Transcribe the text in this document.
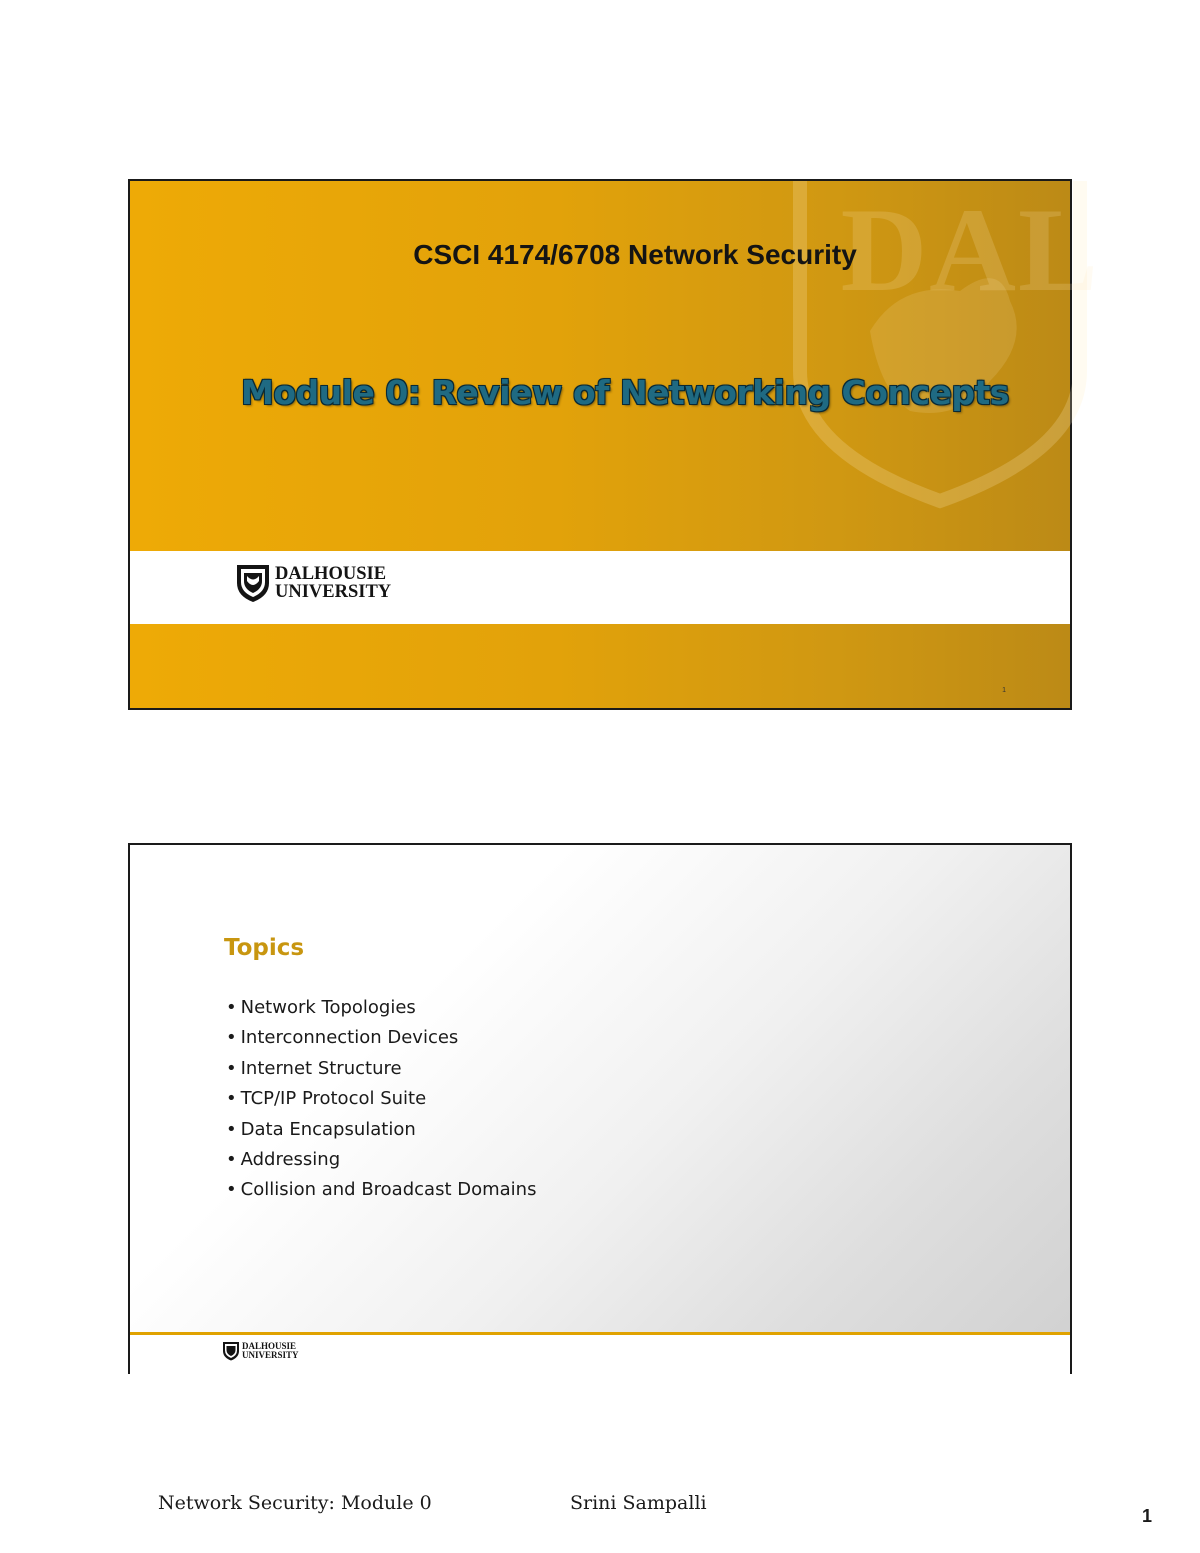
DAL
CSCI 4174/6708 Network Security
Module 0: Review of Networking Concepts
DALHOUSIE
UNIVERSITY
1
Topics
• Network Topologies
• Interconnection Devices
• Internet Structure
• TCP/IP Protocol Suite
• Data Encapsulation
• Addressing
• Collision and Broadcast Domains
DALHOUSIE
UNIVERSITY
Network Security: Module 0	Srini Sampalli
1
